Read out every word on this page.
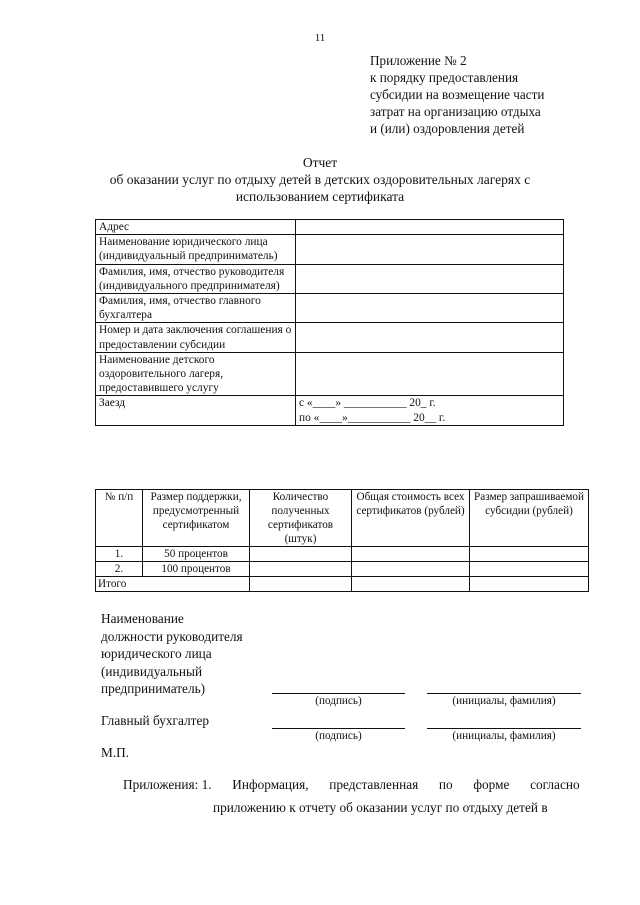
11
Приложение № 2
к порядку предоставления
субсидии на возмещение части
затрат на организацию отдыха
и (или) оздоровления детей
Отчет
об оказании услуг по отдыху детей в детских оздоровительных лагерях с
использованием сертификата
Адрес	
Наименование юридического лица (индивидуальный предприниматель)	
Фамилия, имя, отчество руководителя (индивидуального предпринимателя)	
Фамилия, имя, отчество главного бухгалтера	
Номер и дата заключения соглашения о предоставлении субсидии	
Наименование детского оздоровительного лагеря, предоставившего услугу	
Заезд	с «____» ___________ 20_ г.
по «____»___________ 20__ г.
№ п/п	Размер поддержки, предусмотренный сертификатом	Количество полученных сертификатов (штук)	Общая стоимость всех сертификатов (рублей)	Размер запрашиваемой субсидии (рублей)
1.	50 процентов			
2.	100 процентов			
Итого				
Наименование
должности руководителя
юридического лица
(индивидуальный
предприниматель)
(подпись)	(инициалы, фамилия)
Главный бухгалтер
(подпись)	(инициалы, фамилия)
М.П.
Приложения: 1. Информация, представленная по форме согласно
приложению к отчету об оказании услуг по отдыху детей в
